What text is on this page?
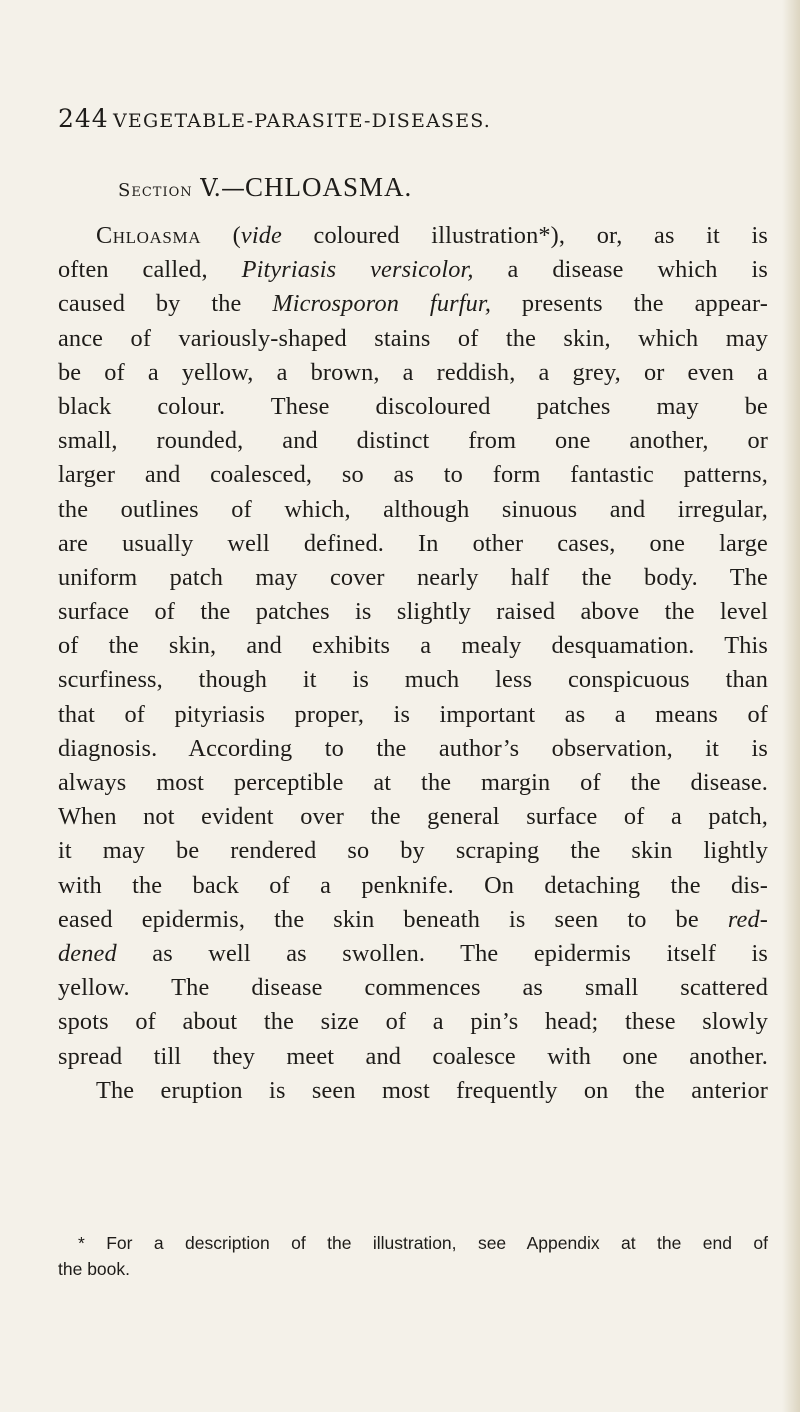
244 VEGETABLE-PARASITE-DISEASES.
Section V.—CHLOASMA.
Chloasma (vide coloured illustration*), or, as it is
often called, Pityriasis versicolor, a disease which is
caused by the Microsporon furfur, presents the appear-
ance of variously-shaped stains of the skin, which may
be of a yellow, a brown, a reddish, a grey, or even a
black colour. These discoloured patches may be
small, rounded, and distinct from one another, or
larger and coalesced, so as to form fantastic patterns,
the outlines of which, although sinuous and irregular,
are usually well defined. In other cases, one large
uniform patch may cover nearly half the body. The
surface of the patches is slightly raised above the level
of the skin, and exhibits a mealy desquamation. This
scurfiness, though it is much less conspicuous than
that of pityriasis proper, is important as a means of
diagnosis. According to the author’s observation, it is
always most perceptible at the margin of the disease.
When not evident over the general surface of a patch,
it may be rendered so by scraping the skin lightly
with the back of a penknife. On detaching the dis-
eased epidermis, the skin beneath is seen to be red-
dened as well as swollen. The epidermis itself is
yellow. The disease commences as small scattered
spots of about the size of a pin’s head; these slowly
spread till they meet and coalesce with one another.
The eruption is seen most frequently on the anterior
* For a description of the illustration, see Appendix at the end of
the book.
